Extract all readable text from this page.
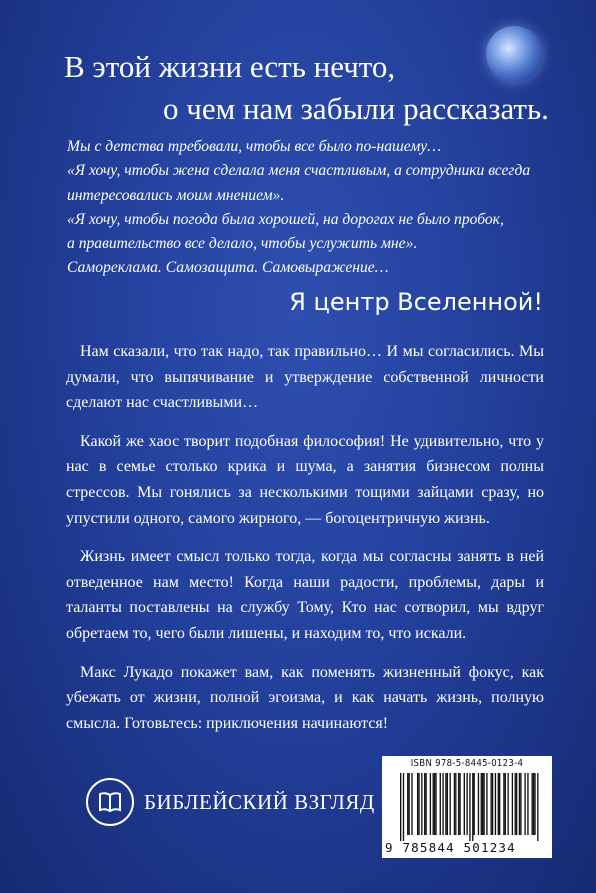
В этой жизни есть нечто,
о чем нам забыли рассказать.
Мы с детства требовали, чтобы все было по-нашему…
«Я хочу, чтобы жена сделала меня счастливым, а сотрудники всегда
интересовались моим мнением».
«Я хочу, чтобы погода была хорошей, на дорогах не было пробок,
а правительство все делало, чтобы услужить мне».
Самореклама. Самозащита. Самовыражение…
Я центр Вселенной!

Нам сказали, что так надо, так правильно… И мы согласились. Мы думали, что выпячивание и утверждение собственной личности сделают нас счастливыми…

Какой же хаос творит подобная философия! Не удивительно, что у нас в семье столько крика и шума, а занятия бизнесом полны стрессов. Мы гонялись за несколькими тощими зайцами сразу, но упустили одного, самого жирного, — богоцентричную жизнь.

Жизнь имеет смысл только тогда, когда мы согласны занять в ней отведенное нам место! Когда наши радости, проблемы, дары и таланты поставлены на службу Тому, Кто нас сотворил, мы вдруг обретаем то, чего были лишены, и находим то, что искали.

Макс Лукадо покажет вам, как поменять жизненный фокус, как убежать от жизни, полной эгоизма, и как начать жизнь, полную смысла. Готовьтесь: приключения начинаются!

БИБЛЕЙСКИЙ ВЗГЛЯД
ISBN 978-5-8445-0123-4
9 785844 501234
